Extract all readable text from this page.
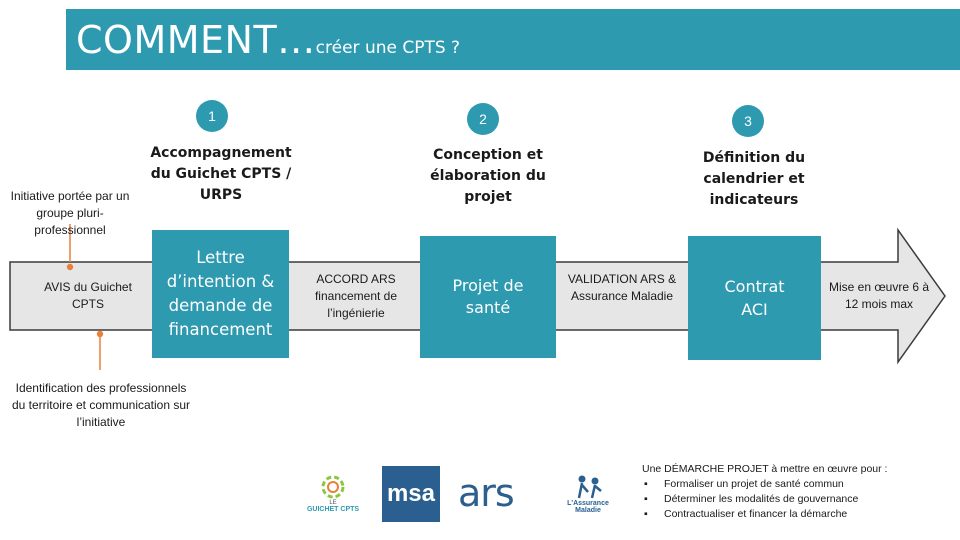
COMMENT…créer une CPTS ?
1	2	3
Accompagnement du Guichet CPTS / URPS
Conception et élaboration du projet
Définition du calendrier et indicateurs
Initiative portée par un groupe pluri-professionnel
Identification des professionnels du territoire et communication sur l’initiative
AVIS du Guichet CPTS
ACCORD ARS financement de l’ingénierie
VALIDATION ARS & Assurance Maladie
Mise en œuvre 6 à 12 mois max
Lettre d’intention & demande de financement
Projet de santé
Contrat ACI
LE
GUICHET CPTS
msa ars	L'Assurance
Maladie
Une DÉMARCHE PROJET à mettre en œuvre pour :
▪ Formaliser un projet de santé commun
▪ Déterminer les modalités de gouvernance
▪ Contractualiser et financer la démarche
